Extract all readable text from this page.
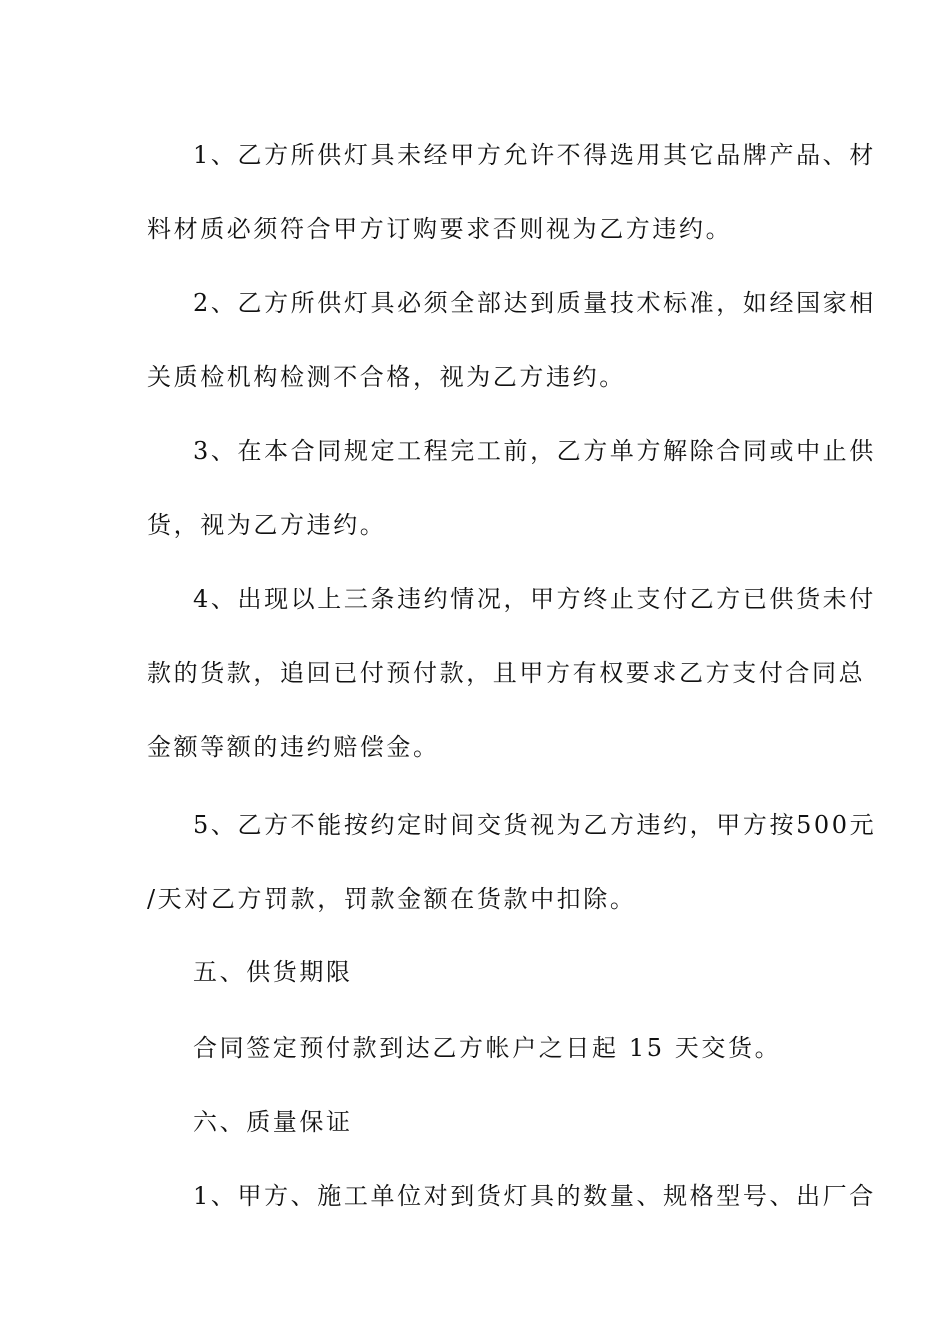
1、乙方所供灯具未经甲方允许不得选用其它品牌产品、材
料材质必须符合甲方订购要求否则视为乙方违约。
2、乙方所供灯具必须全部达到质量技术标准，如经国家相
关质检机构检测不合格，视为乙方违约。
3、在本合同规定工程完工前，乙方单方解除合同或中止供
货，视为乙方违约。
4、出现以上三条违约情况，甲方终止支付乙方已供货未付
款的货款，追回已付预付款，且甲方有权要求乙方支付合同总
金额等额的违约赔偿金。
5、乙方不能按约定时间交货视为乙方违约，甲方按500元
/天对乙方罚款，罚款金额在货款中扣除。
五、供货期限
合同签定预付款到达乙方帐户之日起 15 天交货。
六、质量保证
1、甲方、施工单位对到货灯具的数量、规格型号、出厂合
